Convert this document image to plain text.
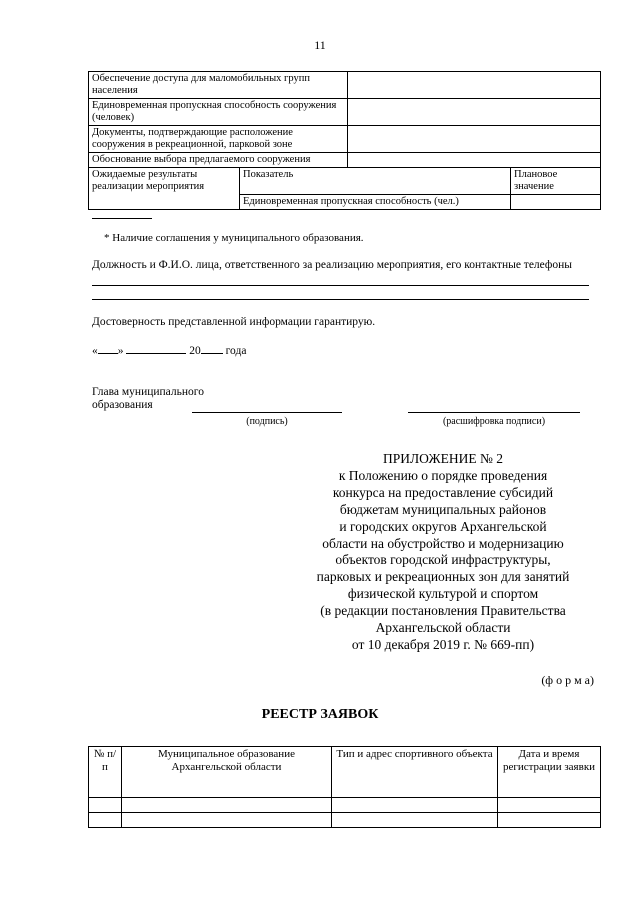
11
Обеспечение доступа для маломобильных групп населения			
Единовременная пропускная способность сооружения (человек)			
Документы, подтверждающие расположение сооружения в рекреационной, парковой зоне			
Обоснование выбора предлагаемого сооружения			
Ожидаемые результаты реализации мероприятия	Показатель		Плановое значение
	Единовременная пропускная способность (чел.)		
* Наличие соглашения у муниципального образования.
Должность и Ф.И.О. лица, ответственного за реализацию мероприятия, его контактные телефоны
Достоверность представленной информации гарантирую.
« »	20 года
Глава муниципального
образования
(подпись)	(расшифровка подписи)
ПРИЛОЖЕНИЕ № 2
к Положению о порядке проведения
конкурса на предоставление субсидий
бюджетам муниципальных районов
и городских округов Архангельской
области на обустройство и модернизацию
объектов городской инфраструктуры,
парковых и рекреационных зон для занятий
физической культурой и спортом
(в редакции постановления Правительства
Архангельской области
от 10 декабря 2019 г. № 669-пп)
(ф о р м а)
РЕЕСТР ЗАЯВОК
№ п/п	Муниципальное образование Архангельской области	Тип и адрес спортивного объекта	Дата и время регистрации заявки
